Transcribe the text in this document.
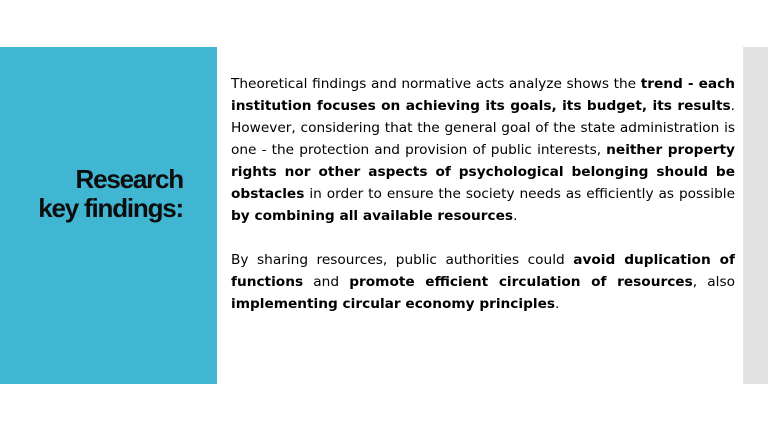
Research
key findings:

Theoretical findings and normative acts analyze shows the trend - each institution focuses on achieving its goals, its budget, its results. However, considering that the general goal of the state administration is one - the protection and provision of public interests, neither property rights nor other aspects of psychological belonging should be obstacles in order to ensure the society needs as efficiently as possible by combining all available resources.

By sharing resources, public authorities could avoid duplication of functions and promote efficient circulation of resources, also implementing circular economy principles.
